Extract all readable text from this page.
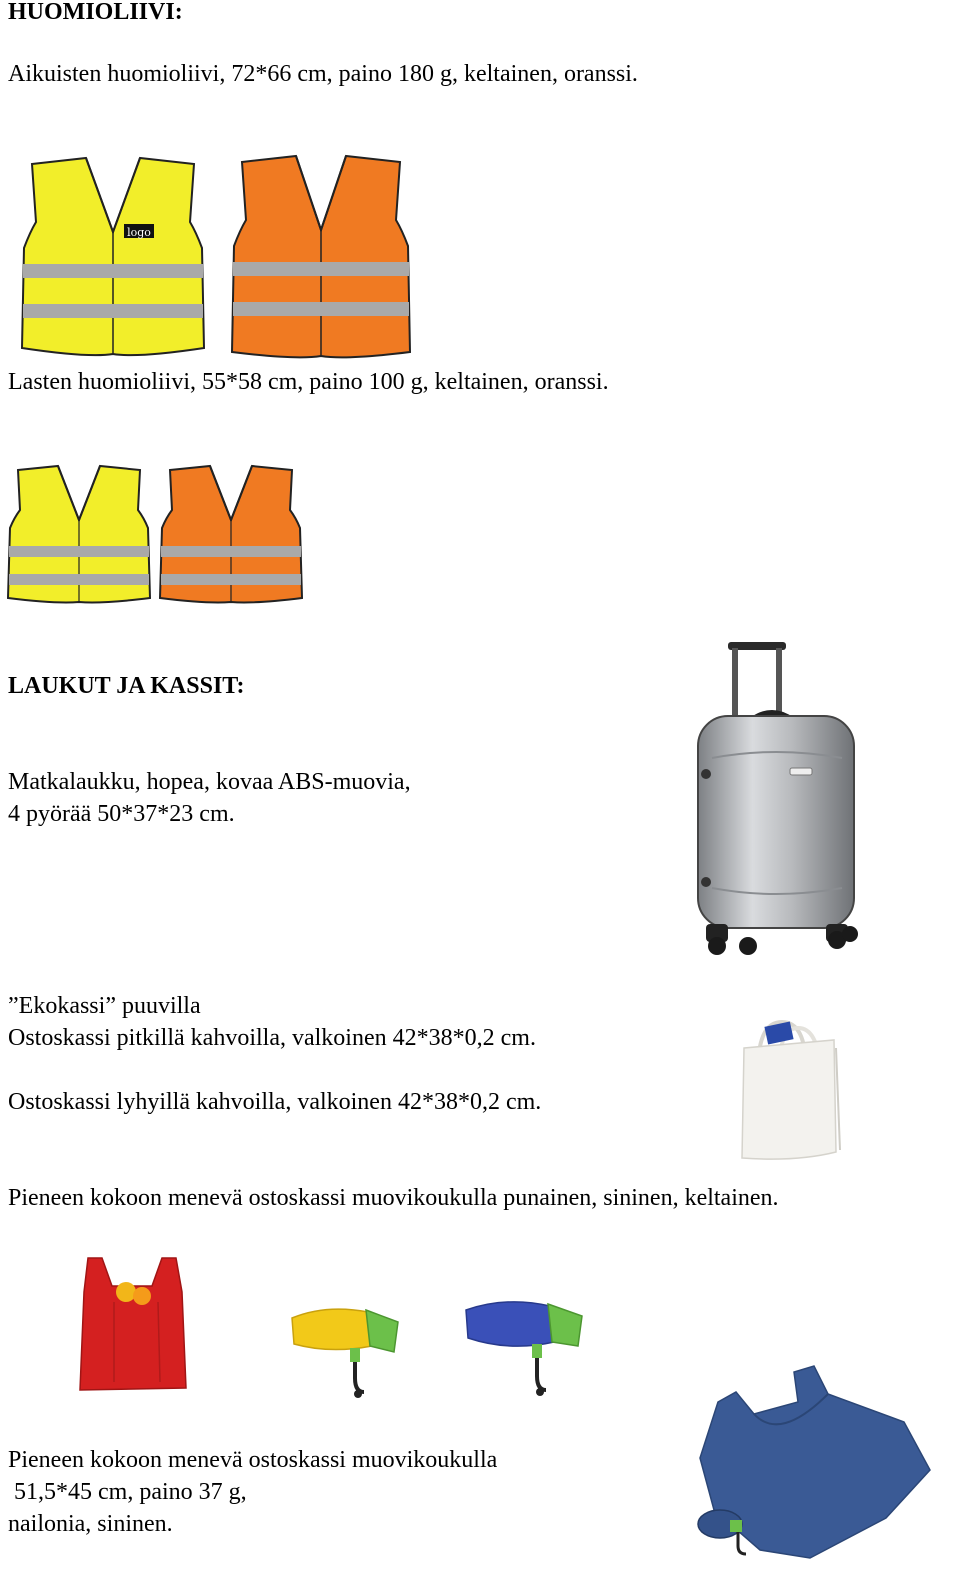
HUOMIOLIIVI:
Aikuisten huomioliivi, 72*66 cm, paino 180 g, keltainen, oranssi.
logo
Lasten huomioliivi, 55*58 cm, paino 100 g, keltainen, oranssi.
LAUKUT JA KASSIT:
Matkalaukku, hopea, kovaa ABS-muovia,
4 pyörää 50*37*23 cm.
”Ekokassi” puuvilla
Ostoskassi pitkillä kahvoilla, valkoinen 42*38*0,2 cm.
Ostoskassi lyhyillä kahvoilla, valkoinen 42*38*0,2 cm.
Pieneen kokoon menevä ostoskassi muovikoukulla punainen, sininen, keltainen.
Pieneen kokoon menevä ostoskassi muovikoukulla
51,5*45 cm, paino 37 g,
nailonia, sininen.
